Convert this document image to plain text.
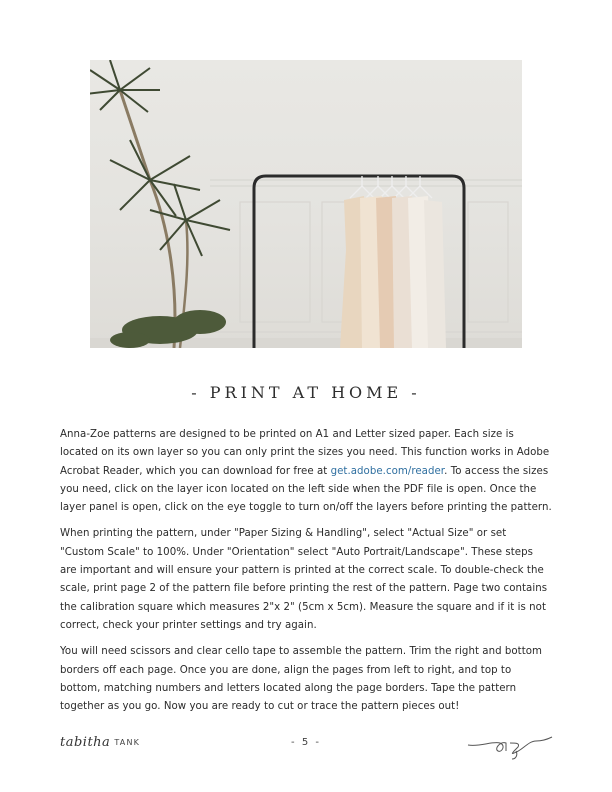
- PRINT AT HOME -

Anna-Zoe patterns are designed to be printed on A1 and Letter sized paper. Each size is located on its own layer so you can only print the sizes you need. This function works in Adobe Acrobat Reader, which you can download for free at get.adobe.com/reader. To access the sizes you need, click on the layer icon located on the left side when the PDF file is open. Once the layer panel is open, click on the eye toggle to turn on/off the layers before printing the pattern.

When printing the pattern, under "Paper Sizing & Handling", select "Actual Size" or set "Custom Scale" to 100%. Under "Orientation" select "Auto Portrait/Landscape". These steps are important and will ensure your pattern is printed at the correct scale. To double-check the scale, print page 2 of the pattern file before printing the rest of the pattern. Page two contains the calibration square which measures 2"x 2" (5cm x 5cm). Measure the square and if it is not correct, check your printer settings and try again.

You will need scissors and clear cello tape to assemble the pattern. Trim the right and bottom borders off each page. Once you are done, align the pages from left to right, and top to bottom, matching numbers and letters located along the page borders. Tape the pattern together as you go. Now you are ready to cut or trace the pattern pieces out!

tabitha TANK	- 5 -
